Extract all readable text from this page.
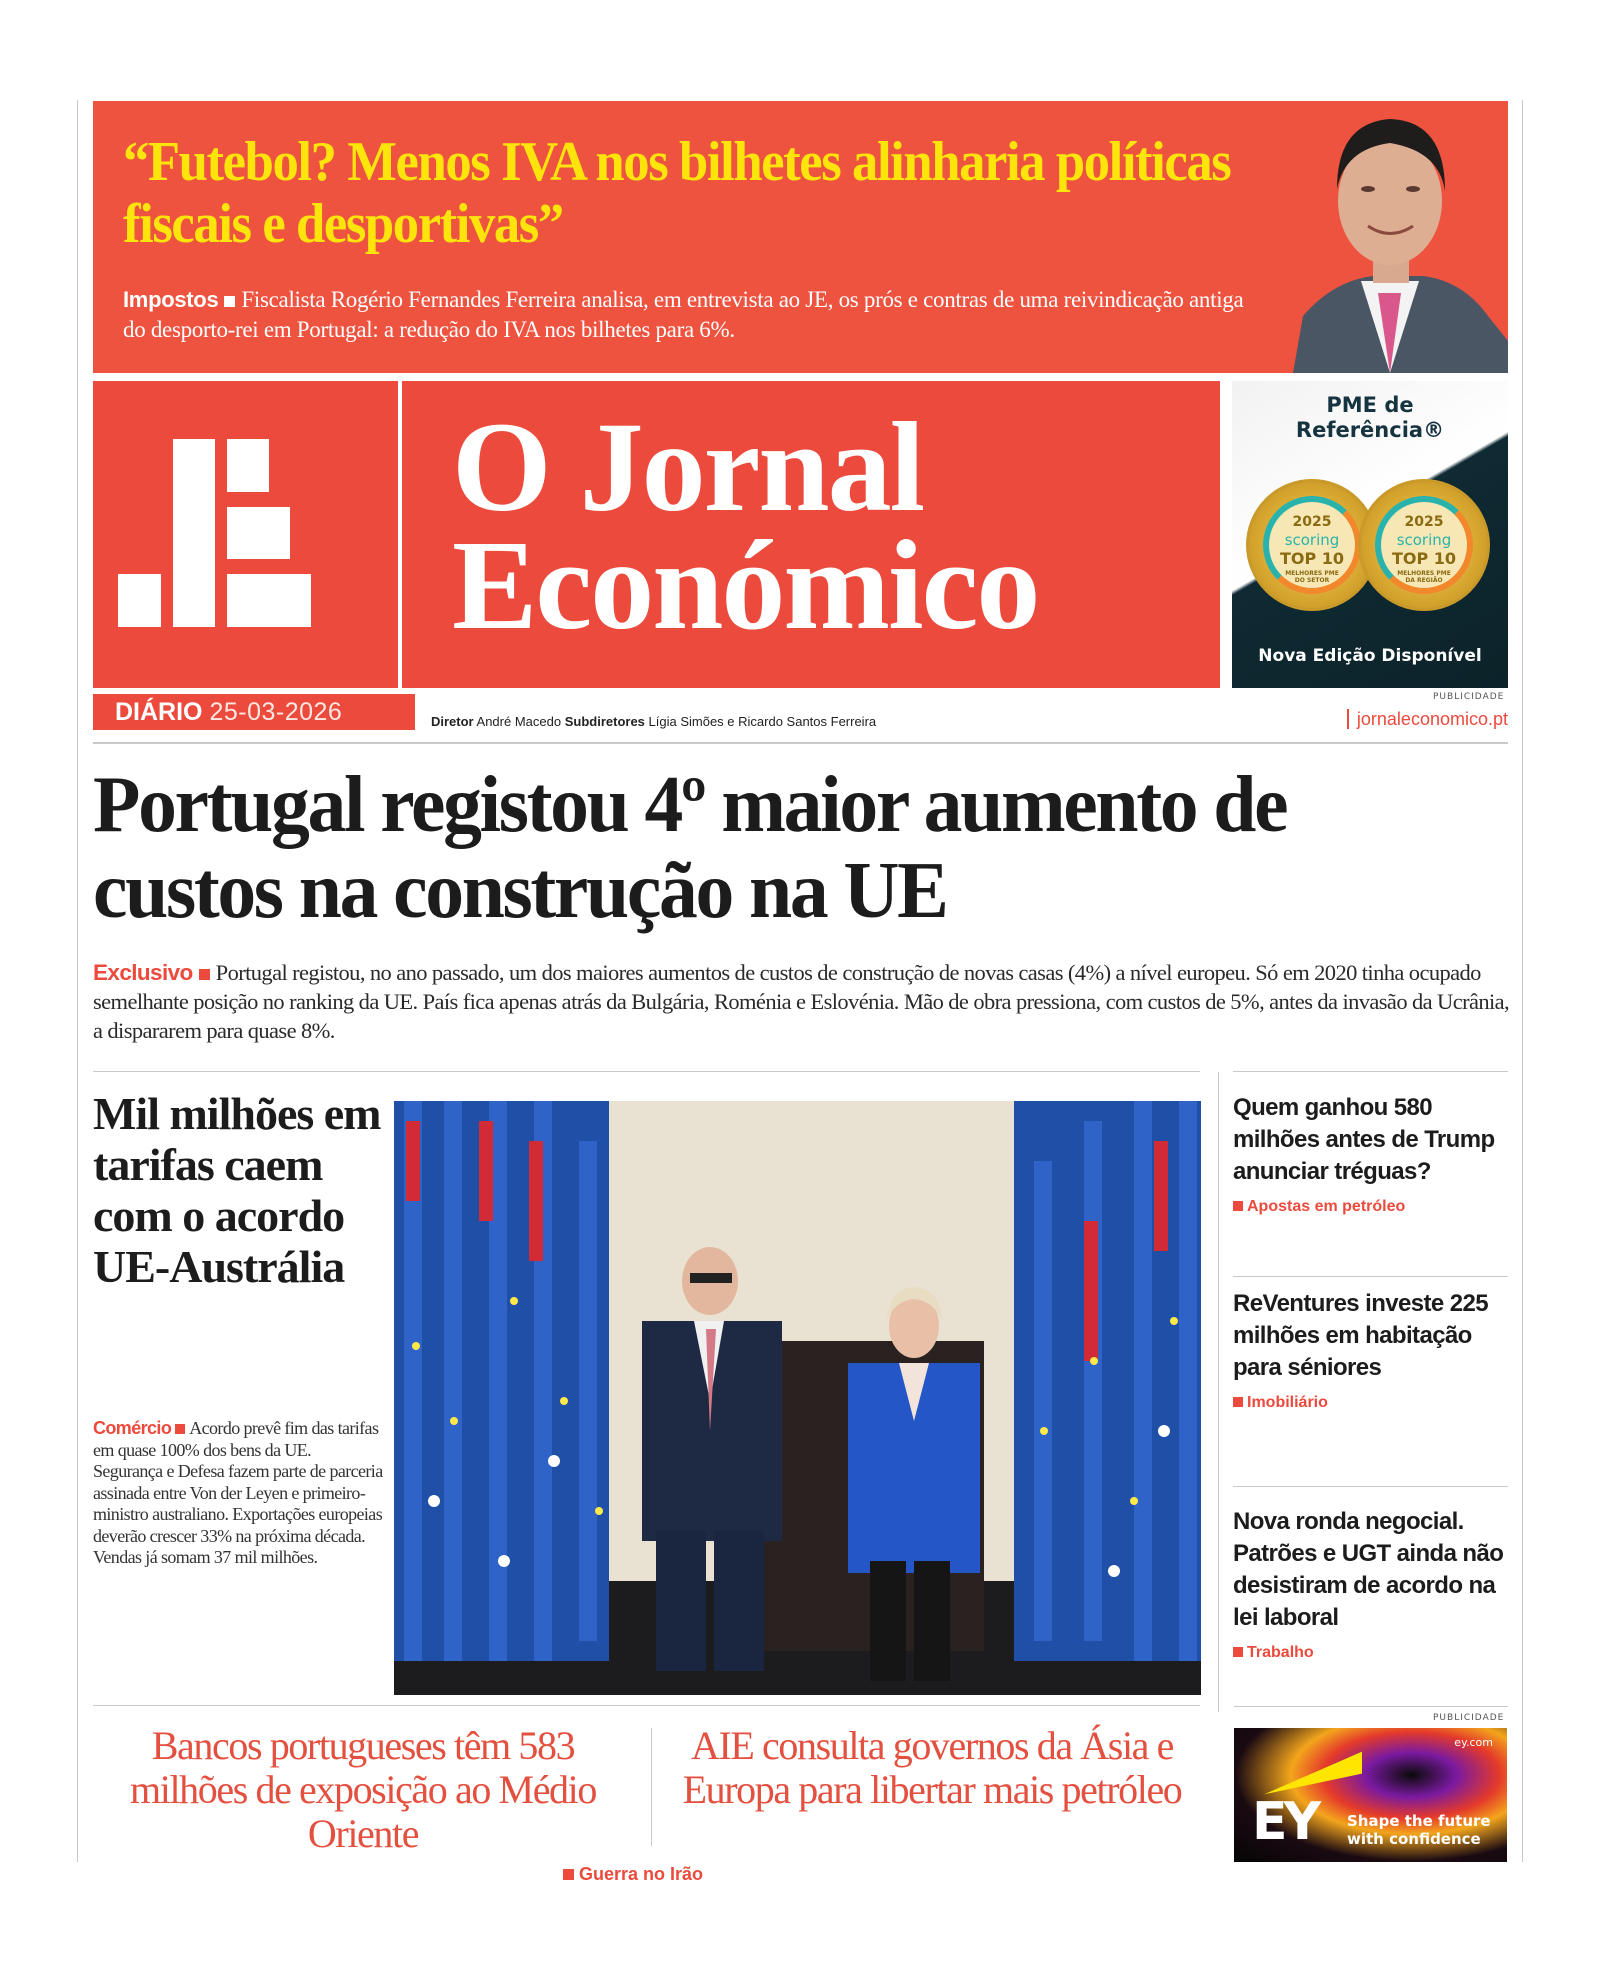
“Futebol? Menos IVA nos bilhetes alinharia políticas fiscais e desportivas”
Impostos Fiscalista Rogério Fernandes Ferreira analisa, em entrevista ao JE, os prós e contras de uma reivindicação antiga do desporto-rei em Portugal: a redução do IVA nos bilhetes para 6%.
O Jornal
Económico
PME de
Referência®
2025
scoring
TOP 10
MELHORES PME
DO SETOR
2025
scoring
TOP 10
MELHORES PME
DA REGIÃO
Nova Edição Disponível
PUBLICIDADE
DIÁRIO 25-03-2026	Diretor André Macedo Subdiretores Lígia Simões e Ricardo Santos Ferreira	jornaleconomico.pt
Portugal registou 4º maior aumento de custos na construção na UE
Exclusivo Portugal registou, no ano passado, um dos maiores aumentos de custos de construção de novas casas (4%) a nível europeu. Só em 2020 tinha ocupado semelhante posição no ranking da UE. País fica apenas atrás da Bulgária, Roménia e Eslovénia. Mão de obra pressiona, com custos de 5%, antes da invasão da Ucrânia, a dispararem para quase 8%.
Mil milhões em tarifas caem com o acordo UE-Austrália
Comércio Acordo prevê fim das tarifas em quase 100% dos bens da UE. Segurança e Defesa fazem parte de parceria assinada entre Von der Leyen e primeiro-ministro australiano. Exportações europeias deverão crescer 33% na próxima década. Vendas já somam 37 mil milhões.
Quem ganhou 580 milhões antes de Trump anunciar tréguas?
Apostas em petróleo
ReVentures investe 225 milhões em habitação para séniores
Imobiliário
Nova ronda negocial. Patrões e UGT ainda não desistiram de acordo na lei laboral
Trabalho
PUBLICIDADE
ey.com
EY Shape the future
with confidence
Bancos portugueses têm 583 milhões de exposição ao Médio Oriente
AIE consulta governos da Ásia e Europa para libertar mais petróleo
Guerra no Irão
